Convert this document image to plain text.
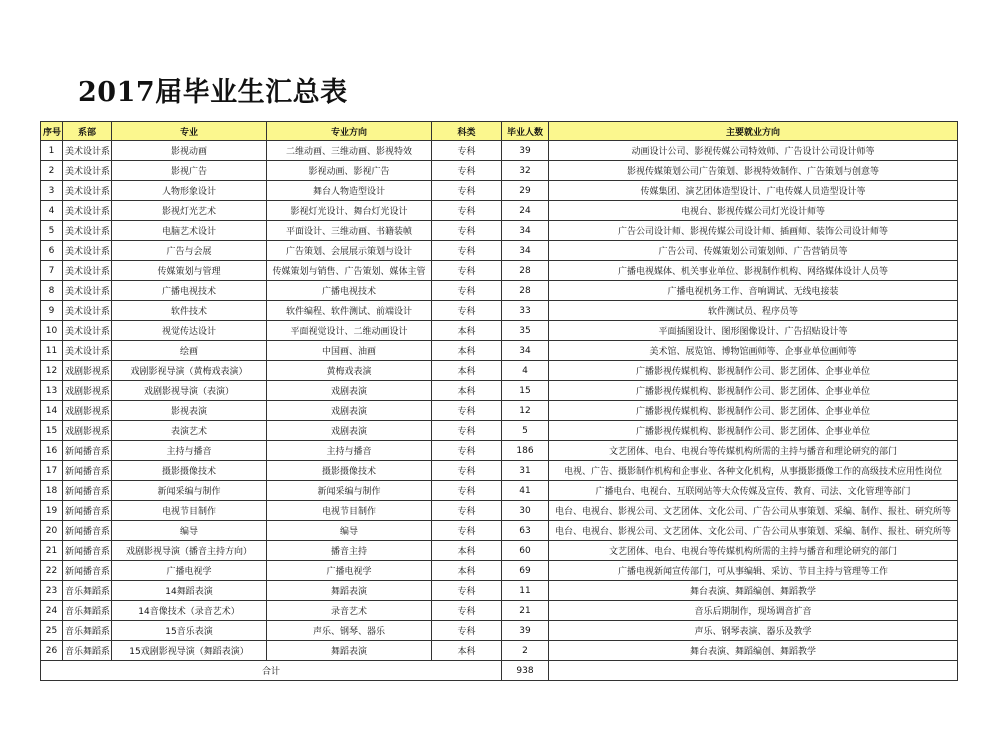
2017届毕业生汇总表
序号	系部	专业	专业方向	科类	毕业人数	主要就业方向
1	美术设计系	影视动画	二维动画、三维动画、影视特效	专科	39	动画设计公司、影视传媒公司特效师、广告设计公司设计师等
2	美术设计系	影视广告	影视动画、影视广告	专科	32	影视传媒策划公司广告策划、影视特效制作、广告策划与创意等
3	美术设计系	人物形象设计	舞台人物造型设计	专科	29	传媒集团、演艺团体造型设计、广电传媒人员造型设计等
4	美术设计系	影视灯光艺术	影视灯光设计、舞台灯光设计	专科	24	电视台、影视传媒公司灯光设计师等
5	美术设计系	电脑艺术设计	平面设计、三维动画、书籍装帧	专科	34	广告公司设计师、影视传媒公司设计师、插画师、装饰公司设计师等
6	美术设计系	广告与会展	广告策划、会展展示策划与设计	专科	34	广告公司、传媒策划公司策划师、广告营销员等
7	美术设计系	传媒策划与管理	传媒策划与销售、广告策划、媒体主管	专科	28	广播电视媒体、机关事业单位、影视制作机构、网络媒体设计人员等
8	美术设计系	广播电视技术	广播电视技术	专科	28	广播电视机务工作、音响调试、无线电接装
9	美术设计系	软件技术	软件编程、软件测试、前端设计	专科	33	软件测试员、程序员等
10	美术设计系	视觉传达设计	平面视觉设计、二维动画设计	本科	35	平面插图设计、图形图像设计、广告招贴设计等
11	美术设计系	绘画	中国画、油画	本科	34	美术馆、展览馆、博物馆画师等、企事业单位画师等
12	戏剧影视系	戏剧影视导演（黄梅戏表演）	黄梅戏表演	本科	4	广播影视传媒机构、影视制作公司、影艺团体、企事业单位
13	戏剧影视系	戏剧影视导演（表演）	戏剧表演	本科	15	广播影视传媒机构、影视制作公司、影艺团体、企事业单位
14	戏剧影视系	影视表演	戏剧表演	专科	12	广播影视传媒机构、影视制作公司、影艺团体、企事业单位
15	戏剧影视系	表演艺术	戏剧表演	专科	5	广播影视传媒机构、影视制作公司、影艺团体、企事业单位
16	新闻播音系	主持与播音	主持与播音	专科	186	文艺团体、电台、电视台等传媒机构所需的主持与播音和理论研究的部门
17	新闻播音系	摄影摄像技术	摄影摄像技术	专科	31	电视、广告、摄影制作机构和企事业、各种文化机构，从事摄影摄像工作的高级技术应用性岗位
18	新闻播音系	新闻采编与制作	新闻采编与制作	专科	41	广播电台、电视台、互联网站等大众传媒及宣传、教育、司法、文化管理等部门
19	新闻播音系	电视节目制作	电视节目制作	专科	30	电台、电视台、影视公司、文艺团体、文化公司、广告公司从事策划、采编、制作、报社、研究所等
20	新闻播音系	编导	编导	专科	63	电台、电视台、影视公司、文艺团体、文化公司、广告公司从事策划、采编、制作、报社、研究所等
21	新闻播音系	戏剧影视导演（播音主持方向）	播音主持	本科	60	文艺团体、电台、电视台等传媒机构所需的主持与播音和理论研究的部门
22	新闻播音系	广播电视学	广播电视学	本科	69	广播电视新闻宣传部门，可从事编辑、采访、节目主持与管理等工作
23	音乐舞蹈系	14舞蹈表演	舞蹈表演	专科	11	舞台表演、舞蹈编创、舞蹈教学
24	音乐舞蹈系	14音像技术（录音艺术）	录音艺术	专科	21	音乐后期制作，现场调音扩音
25	音乐舞蹈系	15音乐表演	声乐、钢琴、器乐	专科	39	声乐、钢琴表演、器乐及教学
26	音乐舞蹈系	15戏剧影视导演（舞蹈表演）	舞蹈表演	本科	2	舞台表演、舞蹈编创、舞蹈教学
合计					938	
